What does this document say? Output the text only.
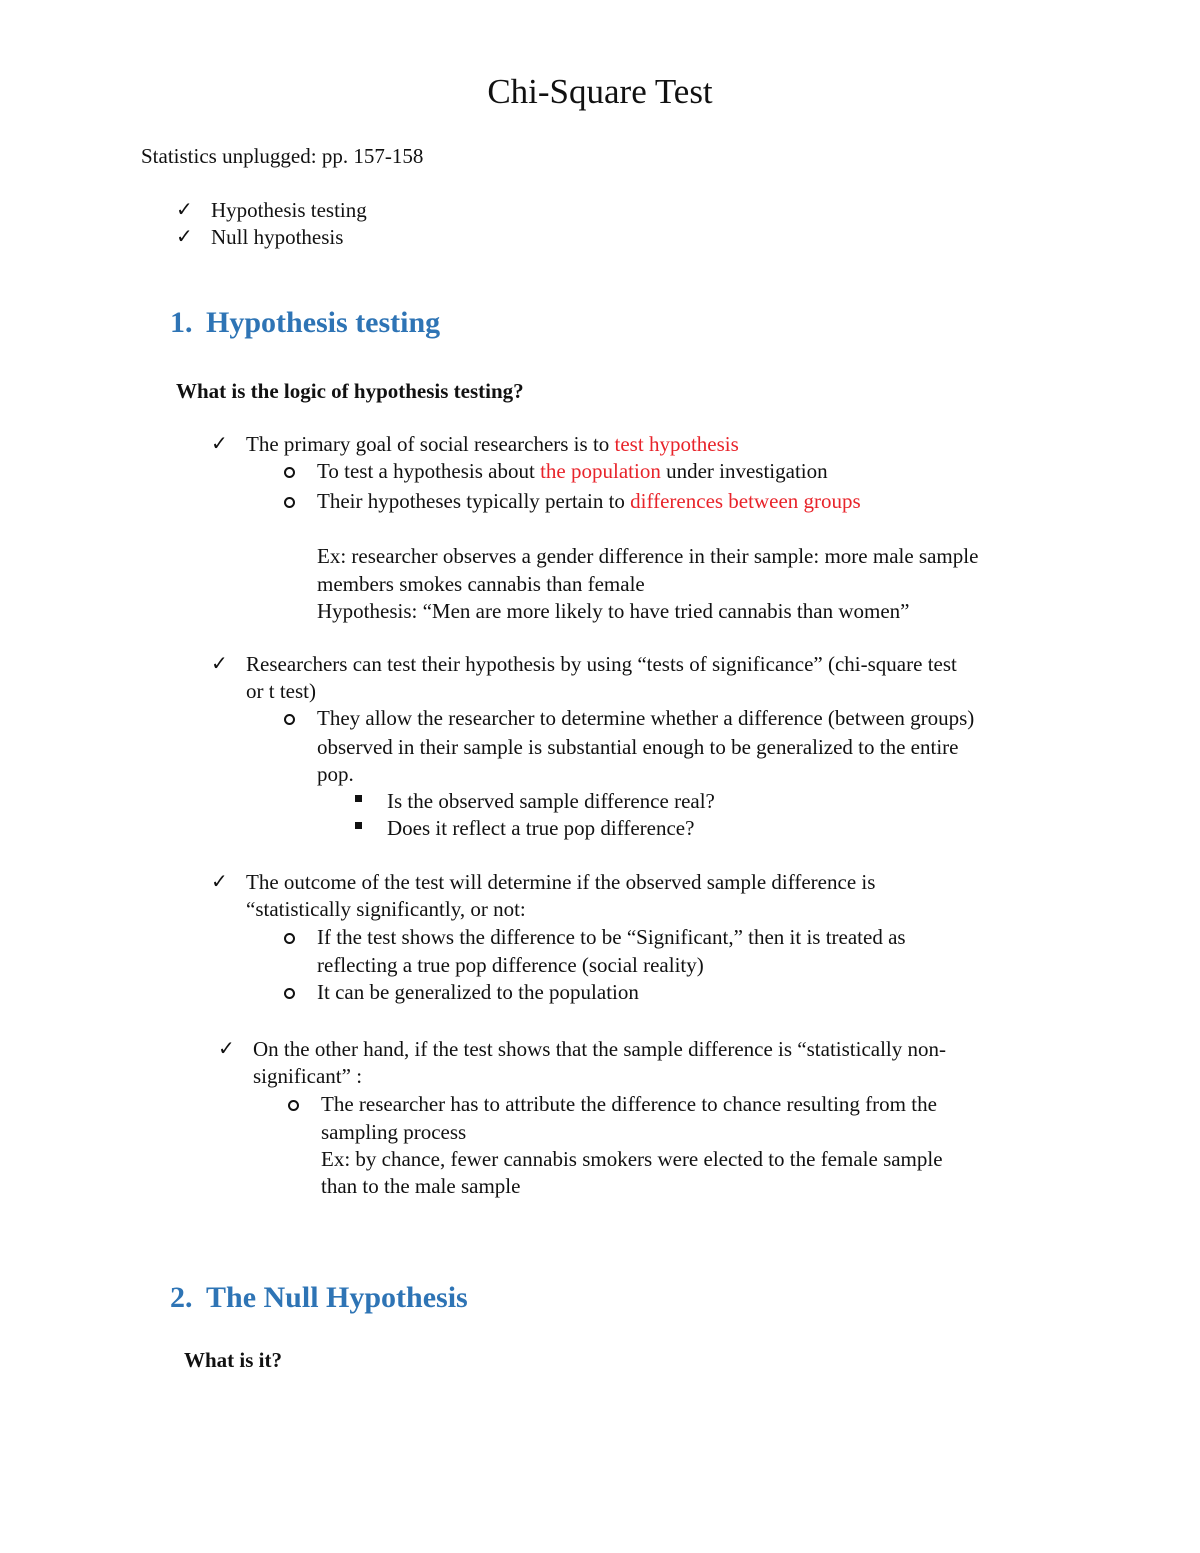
Chi-Square Test
Statistics unplugged: pp. 157-158
✓ Hypothesis testing
✓ Null hypothesis
1. Hypothesis testing
What is the logic of hypothesis testing?
✓ The primary goal of social researchers is to test hypothesis
To test a hypothesis about the population under investigation
Their hypotheses typically pertain to differences between groups
Ex: researcher observes a gender difference in their sample: more male sample
members smokes cannabis than female
Hypothesis: “Men are more likely to have tried cannabis than women”
✓ Researchers can test their hypothesis by using “tests of significance” (chi-square test
or t test)
They allow the researcher to determine whether a difference (between groups)
observed in their sample is substantial enough to be generalized to the entire
pop.
Is the observed sample difference real?
Does it reflect a true pop difference?
✓ The outcome of the test will determine if the observed sample difference is
“statistically significantly, or not:
If the test shows the difference to be “Significant,” then it is treated as
reflecting a true pop difference (social reality)
It can be generalized to the population
✓ On the other hand, if the test shows that the sample difference is “statistically non-
significant” :
The researcher has to attribute the difference to chance resulting from the
sampling process
Ex: by chance, fewer cannabis smokers were elected to the female sample
than to the male sample
2. The Null Hypothesis
What is it?
